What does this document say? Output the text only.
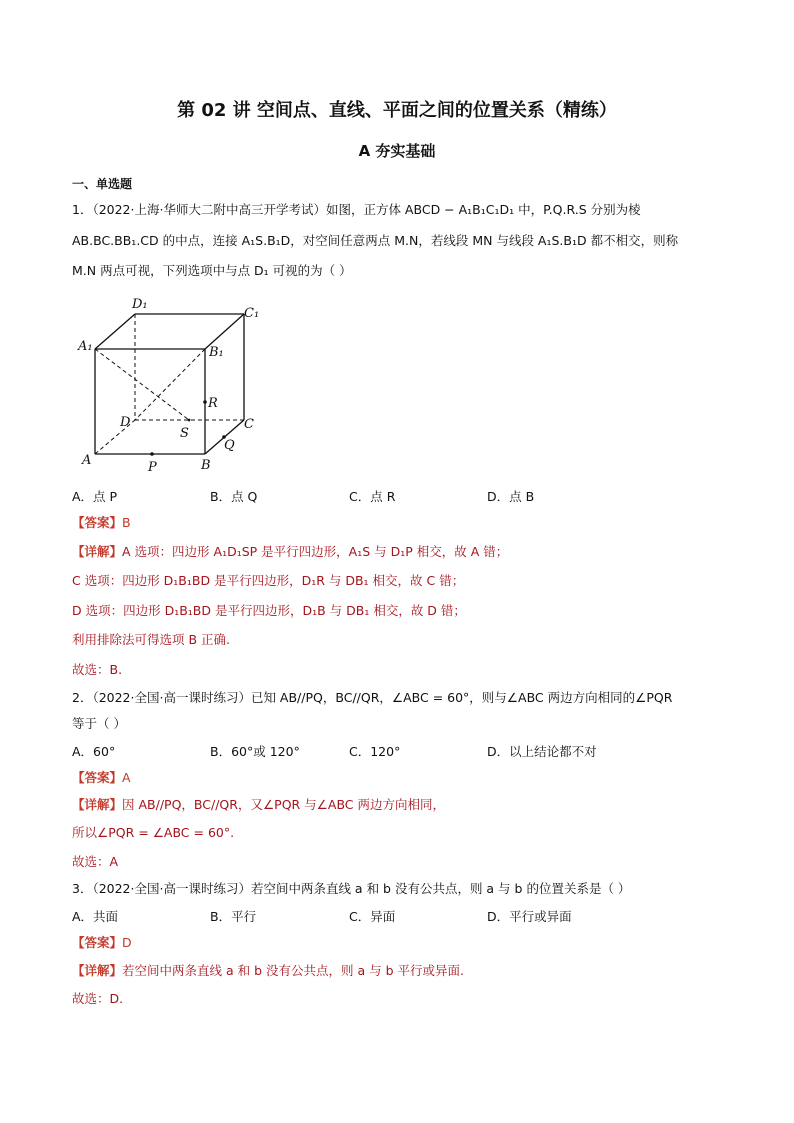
第 02 讲 空间点、直线、平面之间的位置关系（精练）
A 夯实基础
一、单选题
1．（2022·上海·华师大二附中高三开学考试）如图，正方体 ABCD − A₁B₁C₁D₁ 中，P.Q.R.S 分别为棱
AB.BC.BB₁.CD 的中点，连接 A₁S.B₁D，对空间任意两点 M.N，若线段 MN 与线段 A₁S.B₁D 都不相交，则称
M.N 两点可视，下列选项中与点 D₁ 可视的为（ ）
A₁	B₁
C₁
D₁
A	B
C
D
P
Q
R
S
A．点 P	B．点 Q	C．点 R	D．点 B
【答案】B
【详解】A 选项：四边形 A₁D₁SP 是平行四边形，A₁S 与 D₁P 相交，故 A 错；
C 选项：四边形 D₁B₁BD 是平行四边形，D₁R 与 DB₁ 相交，故 C 错；
D 选项：四边形 D₁B₁BD 是平行四边形，D₁B 与 DB₁ 相交，故 D 错；
利用排除法可得选项 B 正确.
故选：B.
2．（2022·全国·高一课时练习）已知 AB//PQ，BC//QR，∠ABC = 60°，则与∠ABC 两边方向相同的∠PQR
等于（ ）
A．60°	B．60°或 120°	C．120°	D．以上结论都不对
【答案】A
【详解】因 AB//PQ，BC//QR，又∠PQR 与∠ABC 两边方向相同，
所以∠PQR = ∠ABC = 60°.
故选：A
3．（2022·全国·高一课时练习）若空间中两条直线 a 和 b 没有公共点，则 a 与 b 的位置关系是（ ）
A．共面	B．平行	C．异面	D．平行或异面
【答案】D
【详解】若空间中两条直线 a 和 b 没有公共点，则 a 与 b 平行或异面.
故选：D.
